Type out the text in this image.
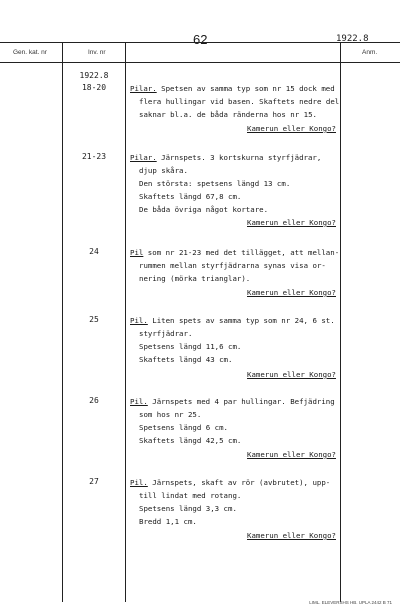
62	1922.8
Gen. kat. nr	Inv. nr	Anm.
1922.8
18-20	Pilar. Spetsen av samma typ som nr 15 dock med
flera hullingar vid basen. Skaftets nedre del
saknar bl.a. de båda ränderna hos nr 15.
Kamerun eller Kongo?
21-23	Pilar. Järnspets. 3 kortskurna styrfjädrar,
djup skåra.
Den största: spetsens längd 13 cm.
Skaftets längd 67,8 cm.
De båda övriga något kortare.
Kamerun eller Kongo?
24	Pil som nr 21-23 med det tillägget, att mellan-
rummen mellan styrfjädrarna synas visa or-
nering (mörka trianglar).
Kamerun eller Kongo?
25	Pil. Liten spets av samma typ som nr 24, 6 st.
styrfjädrar.
Spetsens längd 11,6 cm.
Skaftets längd 43 cm.
Kamerun eller Kongo?
26	Pil. Järnspets med 4 par hullingar. Befjädring
som hos nr 25.
Spetsens längd 6 cm.
Skaftets längd 42,5 cm.
Kamerun eller Kongo?
27	Pil. Järnspets, skaft av rör (avbrutet), upp-
till lindat med rotang.
Spetsens längd 3,3 cm.
Bredd 1,1 cm.
Kamerun eller Kongo?
LIML. ELEVERSHS HB. UPLA 2442 B 71
